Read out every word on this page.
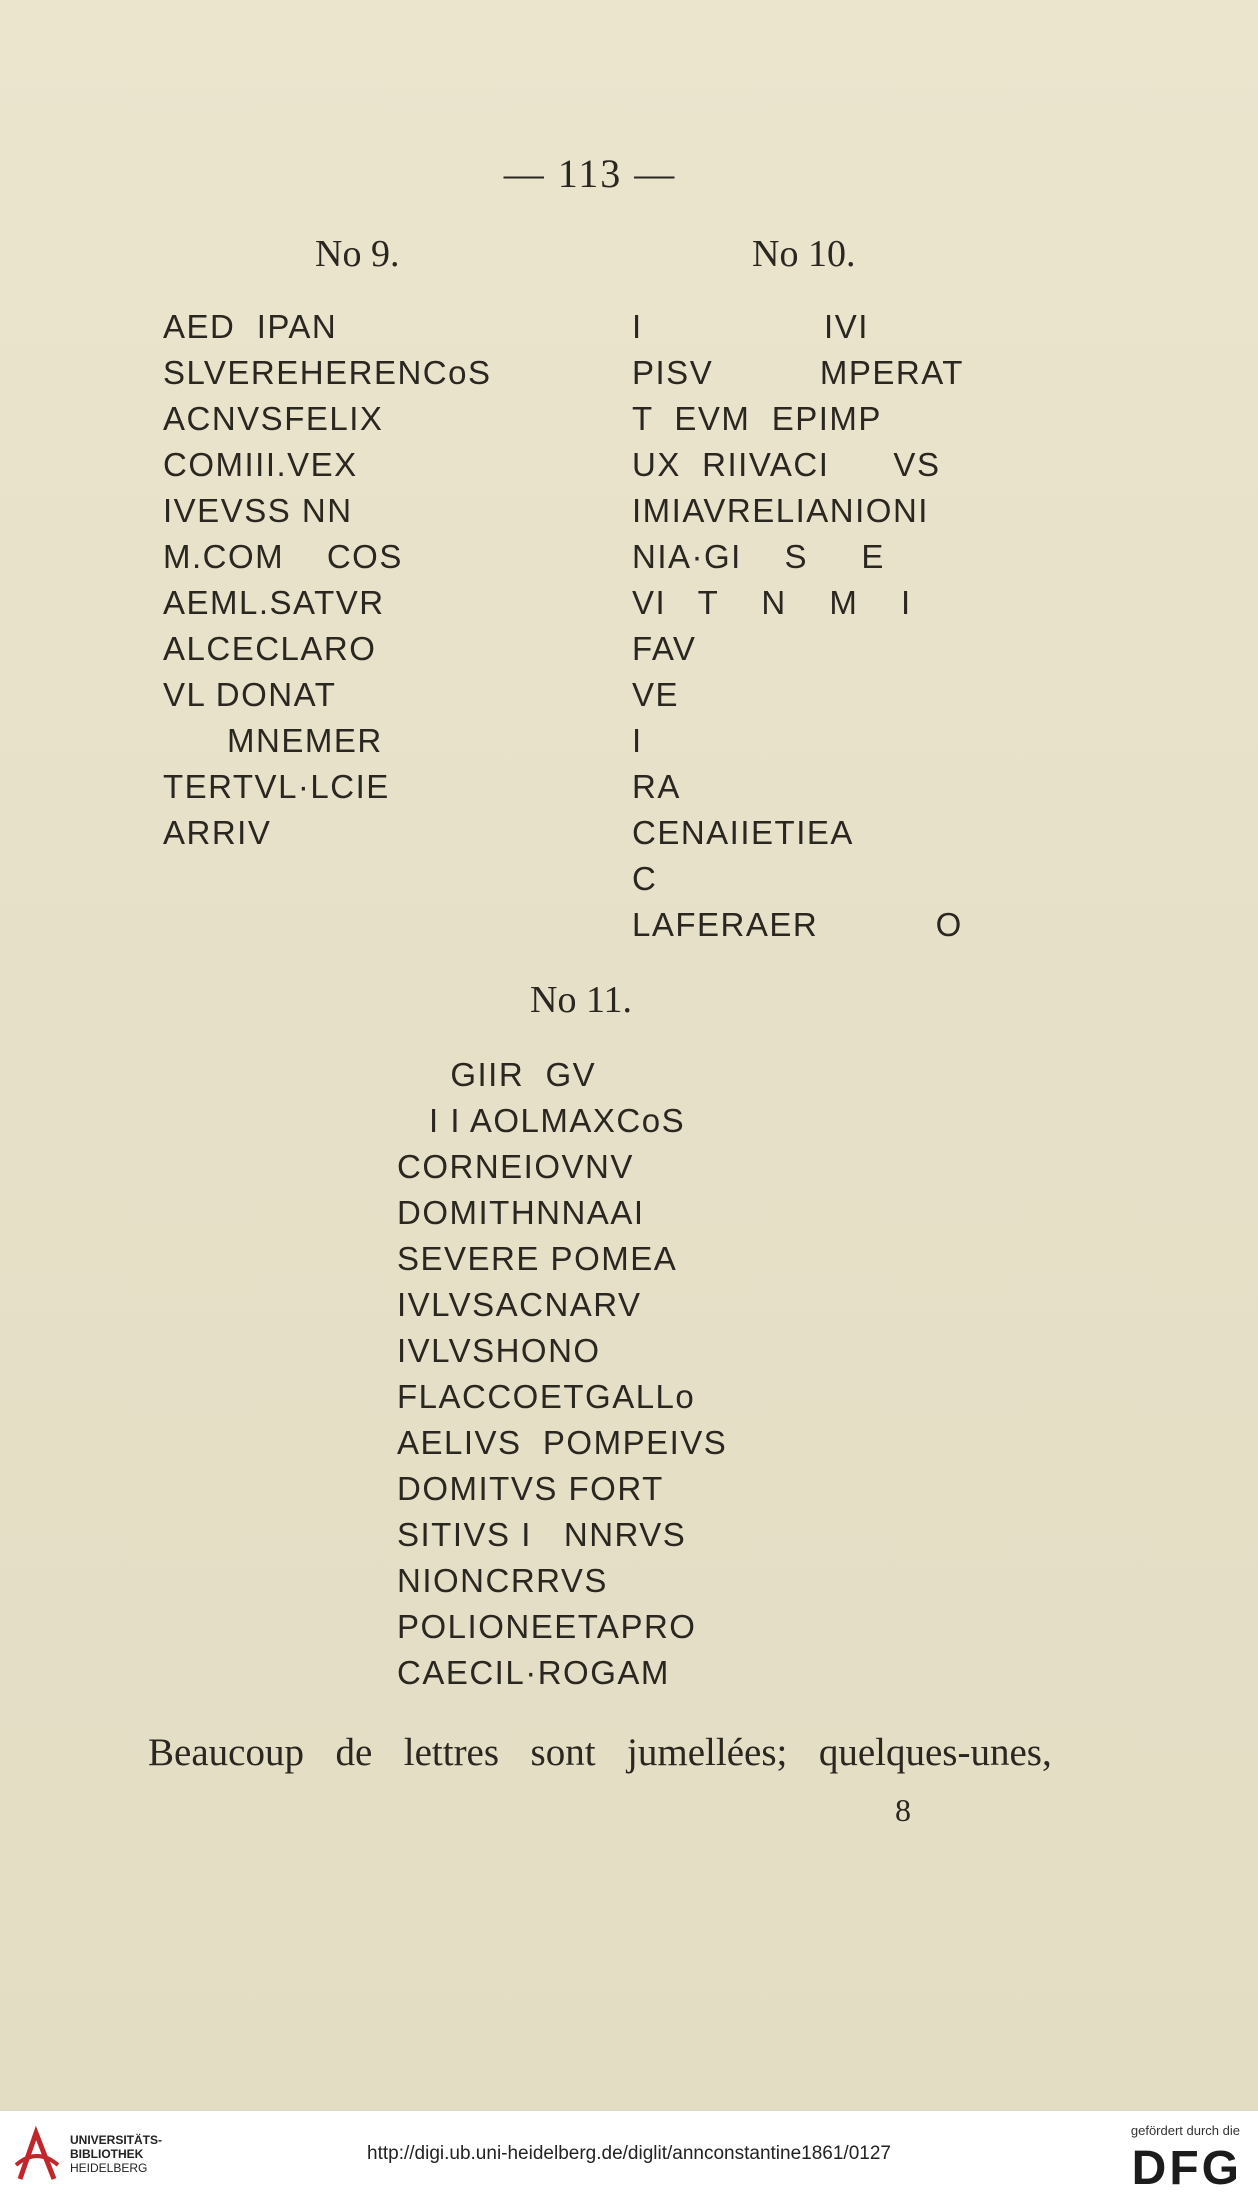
— 113 —
No 9.	No 10.
AED  IPAN
SLVEREHERENCoS
ACNVSFELIX
COMIII.VEX
IVEVSS NN
M.COM    COS
AEML.SATVR
ALCECLARO
VL DONAT
MNEMER
TERTVL·LCIE
ARRIV
I                 IVI
PISV          MPERAT
T  EVM  EPIMP
UX  RIIVACI      VS
IMIAVRELIANIONI
NIA·GI    S     E
VI   T    N    M    I
FAV
VE
I
RA
CENAIIETIEA
C
LAFERAER           O
No 11.
GIIR  GV
I I AOLMAXCoS
CORNEIOVNV
DOMITHNNAAI
SEVERE POMEA
IVLVSACNARV
IVLVSHONO
FLACCOETGALLo
AELIVS  POMPEIVS
DOMITVS FORT
SITIVS I   NNRVS
NIONCRRVS
POLIONEETAPRO
CAECIL·ROGAM
Beaucoup  de  lettres  sont  jumellées;  quelques-unes,
8
UNIVERSITÄTS-
BIBLIOTHEK
HEIDELBERG
http://digi.ub.uni-heidelberg.de/diglit/annconstantine1861/0127
gefördert durch die
DFG
